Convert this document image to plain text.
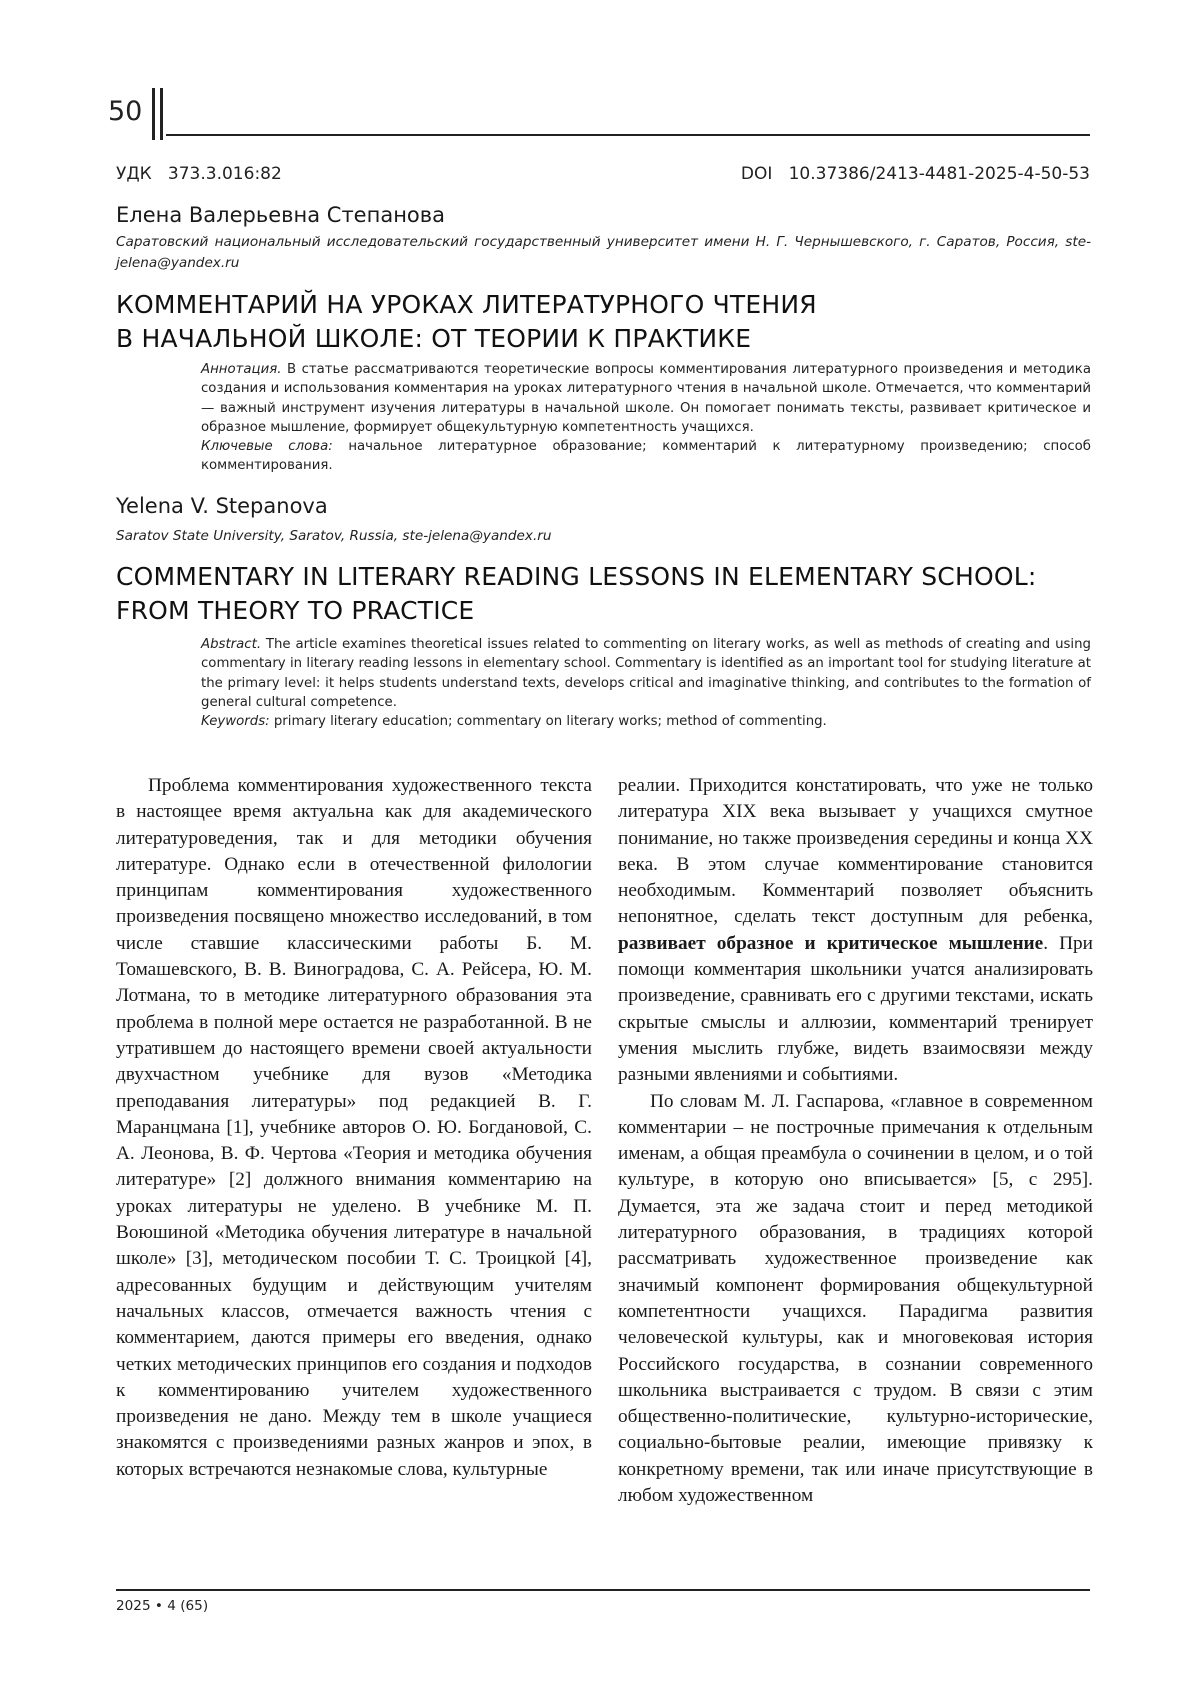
50
УДК   373.3.016:82	DOI   10.37386/2413-4481-2025-4-50-53
Елена Валерьевна Степанова
Саратовский национальный исследовательский государственный университет имени Н. Г. Чернышевского, г. Саратов, Россия, ste-jelena@yandex.ru
КОММЕНТАРИЙ НА УРОКАХ ЛИТЕРАТУРНОГО ЧТЕНИЯ
В НАЧАЛЬНОЙ ШКОЛЕ: ОТ ТЕОРИИ К ПРАКТИКЕ

Аннотация. В статье рассматриваются теоретические вопросы комментирования литературного произведения и методика создания и использования комментария на уроках литературного чтения в начальной школе. Отмечается, что комментарий — важный инструмент изучения литературы в начальной школе. Он помогает понимать тексты, развивает критическое и образное мышление, формирует общекультурную компетентность учащихся.

Ключевые слова: начальное литературное образование; комментарий к литературному произведению; способ комментирования.

Yelena V. Stepanova
Saratov State University, Saratov, Russia, ste-jelena@yandex.ru
COMMENTARY IN LITERARY READING LESSONS IN ELEMENTARY SCHOOL:
FROM THEORY TO PRACTICE

Abstract. The article examines theoretical issues related to commenting on literary works, as well as methods of creating and using commentary in literary reading lessons in elementary school. Commentary is identified as an important tool for studying literature at the primary level: it helps students understand texts, develops critical and imaginative thinking, and contributes to the formation of general cultural competence.

Keywords: primary literary education; commentary on literary works; method of commenting.

Проблема комментирования художественного текста в настоящее время актуальна как для академического литературоведения, так и для методики обучения литературе. Однако если в отечественной филологии принципам комментирования художественного произведения посвящено множество исследований, в том числе ставшие классическими работы Б. М. Томашевского, В. В. Виноградова, С. А. Рейсера, Ю. М. Лотмана, то в методике литературного образования эта проблема в полной мере остается не разработанной. В не утратившем до настоящего времени своей актуальности двухчастном учебнике для вузов «Методика преподавания литературы» под редакцией В. Г. Маранцмана [1], учебнике авторов О. Ю. Богдановой, С. А. Леонова, В. Ф. Чертова «Теория и методика обучения литературе» [2] должного внимания комментарию на уроках литературы не уделено. В учебнике М. П. Воюшиной «Методика обучения литературе в начальной школе» [3], методическом пособии Т. С. Троицкой [4], адресованных будущим и действующим учителям начальных классов, отмечается важность чтения с комментарием, даются примеры его введения, однако четких методических принципов его создания и подходов к комментированию учителем художественного произведения не дано. Между тем в школе учащиеся знакомятся с произведениями разных жанров и эпох, в которых встречаются незнакомые слова, культурные

реалии. Приходится констатировать, что уже не только литература XIX века вызывает у учащихся смутное понимание, но также произведения середины и конца XX века. В этом случае комментирование становится необходимым. Комментарий позволяет объяснить непонятное, сделать текст доступным для ребенка, развивает образное и критическое мышление. При помощи комментария школьники учатся анализировать произведение, сравнивать его с другими текстами, искать скрытые смыслы и аллюзии, комментарий тренирует умения мыслить глубже, видеть взаимосвязи между разными явлениями и событиями.

По словам М. Л. Гаспарова, «главное в современном комментарии – не построчные примечания к отдельным именам, а общая преамбула о сочинении в целом, и о той культуре, в которую оно вписывается» [5, с 295]. Думается, эта же задача стоит и перед методикой литературного образования, в традициях которой рассматривать художественное произведение как значимый компонент формирования общекультурной компетентности учащихся. Парадигма развития человеческой культуры, как и многовековая история Российского государства, в сознании современного школьника выстраивается с трудом. В связи с этим общественно-политические, культурно-исторические, социально-бытовые реалии, имеющие привязку к конкретному времени, так или иначе присутствующие в любом художественном

2025 • 4 (65)
